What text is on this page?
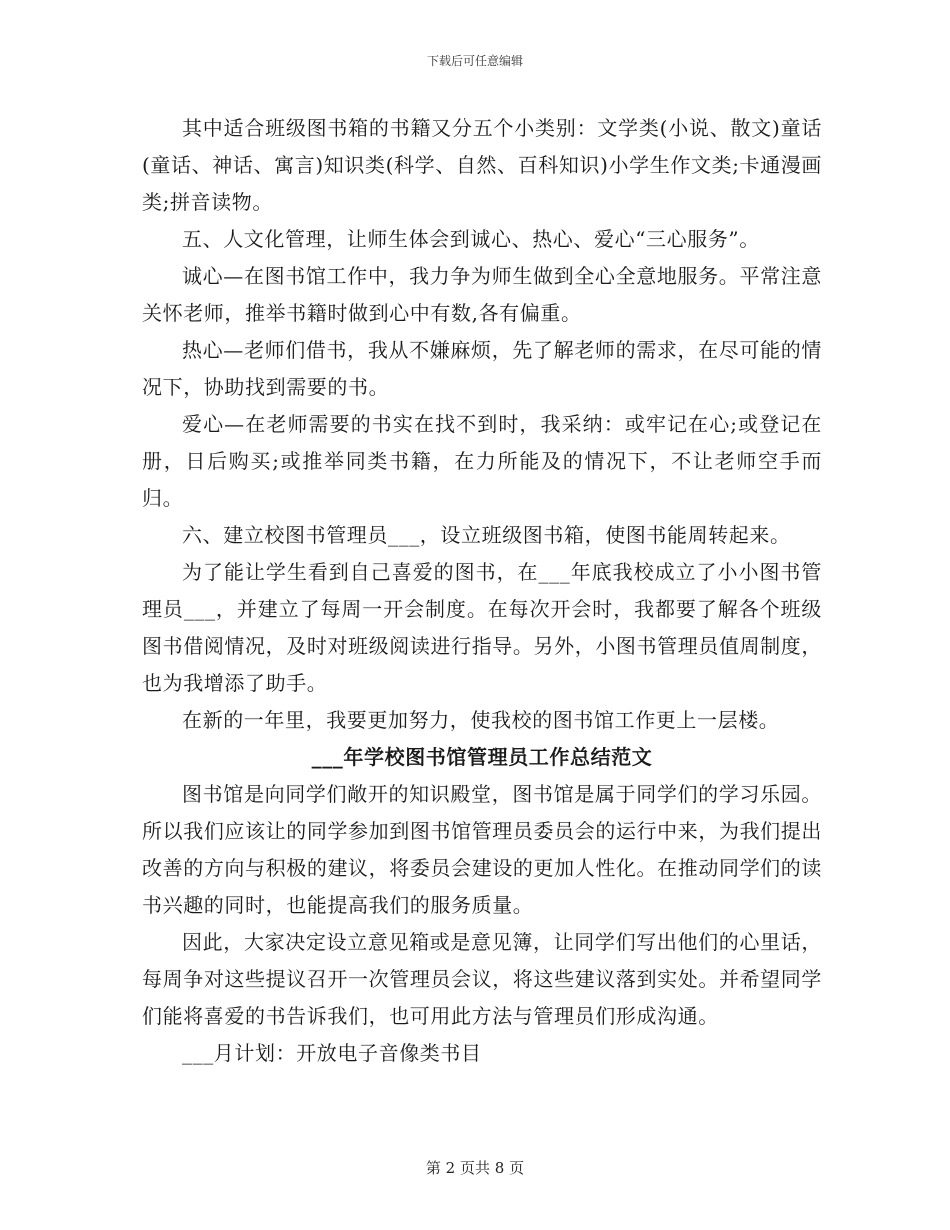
下载后可任意编辑

其中适合班级图书箱的书籍又分五个小类别：文学类(小说、散文)童话(童话、神话、寓言)知识类(科学、自然、百科知识)小学生作文类;卡通漫画类;拼音读物。

五、人文化管理，让师生体会到诚心、热心、爱心“三心服务”。

诚心—在图书馆工作中，我力争为师生做到全心全意地服务。平常注意关怀老师，推举书籍时做到心中有数,各有偏重。

热心—老师们借书，我从不嫌麻烦，先了解老师的需求，在尽可能的情况下，协助找到需要的书。

爱心—在老师需要的书实在找不到时，我采纳：或牢记在心;或登记在册，日后购买;或推举同类书籍，在力所能及的情况下，不让老师空手而归。

六、建立校图书管理员___，设立班级图书箱，使图书能周转起来。

为了能让学生看到自己喜爱的图书，在___年底我校成立了小小图书管理员___，并建立了每周一开会制度。在每次开会时，我都要了解各个班级图书借阅情况，及时对班级阅读进行指导。另外，小图书管理员值周制度，也为我增添了助手。

在新的一年里，我要更加努力，使我校的图书馆工作更上一层楼。

___年学校图书馆管理员工作总结范文

图书馆是向同学们敞开的知识殿堂，图书馆是属于同学们的学习乐园。所以我们应该让的同学参加到图书馆管理员委员会的运行中来，为我们提出改善的方向与积极的建议，将委员会建设的更加人性化。在推动同学们的读书兴趣的同时，也能提高我们的服务质量。

因此，大家决定设立意见箱或是意见簿，让同学们写出他们的心里话，每周争对这些提议召开一次管理员会议，将这些建议落到实处。并希望同学们能将喜爱的书告诉我们，也可用此方法与管理员们形成沟通。

___月计划：开放电子音像类书目

第 2 页共 8 页
